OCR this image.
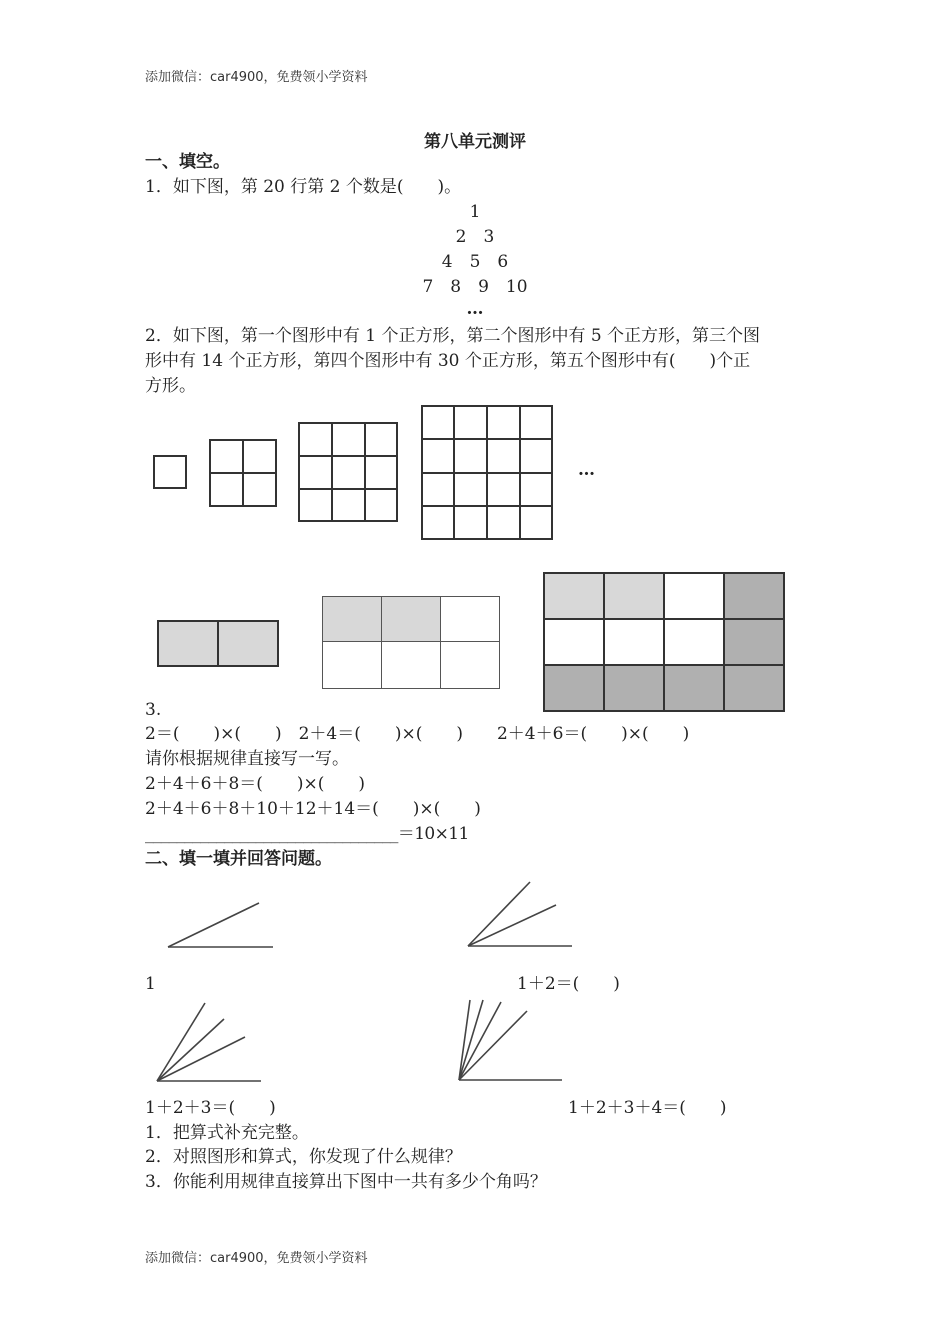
添加微信：car4900，免费领小学资料
添加微信：car4900，免费领小学资料
第八单元测评
一、填空。
1．如下图，第 20 行第 2 个数是(　　)。
1
2　3
4　5　6
7　8　9　10
…
2．如下图，第一个图形中有 1 个正方形，第二个图形中有 5 个正方形，第三个图
形中有 14 个正方形，第四个图形中有 30 个正方形，第五个图形中有(　　)个正
方形。
…

3.
2＝(　　)×(　　)　2＋4＝(　　)×(　　)　　2＋4＋6＝(　　)×(　　)
请你根据规律直接写一写。
2＋4＋6＋8＝(　　)×(　　)
2＋4＋6＋8＋10＋12＋14＝(　　)×(　　)
________________________________＝10×11
二、填一填并回答问题。
1	1＋2＝(　　)
1＋2＋3＝(　　)	1＋2＋3＋4＝(　　)
1．把算式补充完整。
2．对照图形和算式，你发现了什么规律？
3．你能利用规律直接算出下图中一共有多少个角吗？
